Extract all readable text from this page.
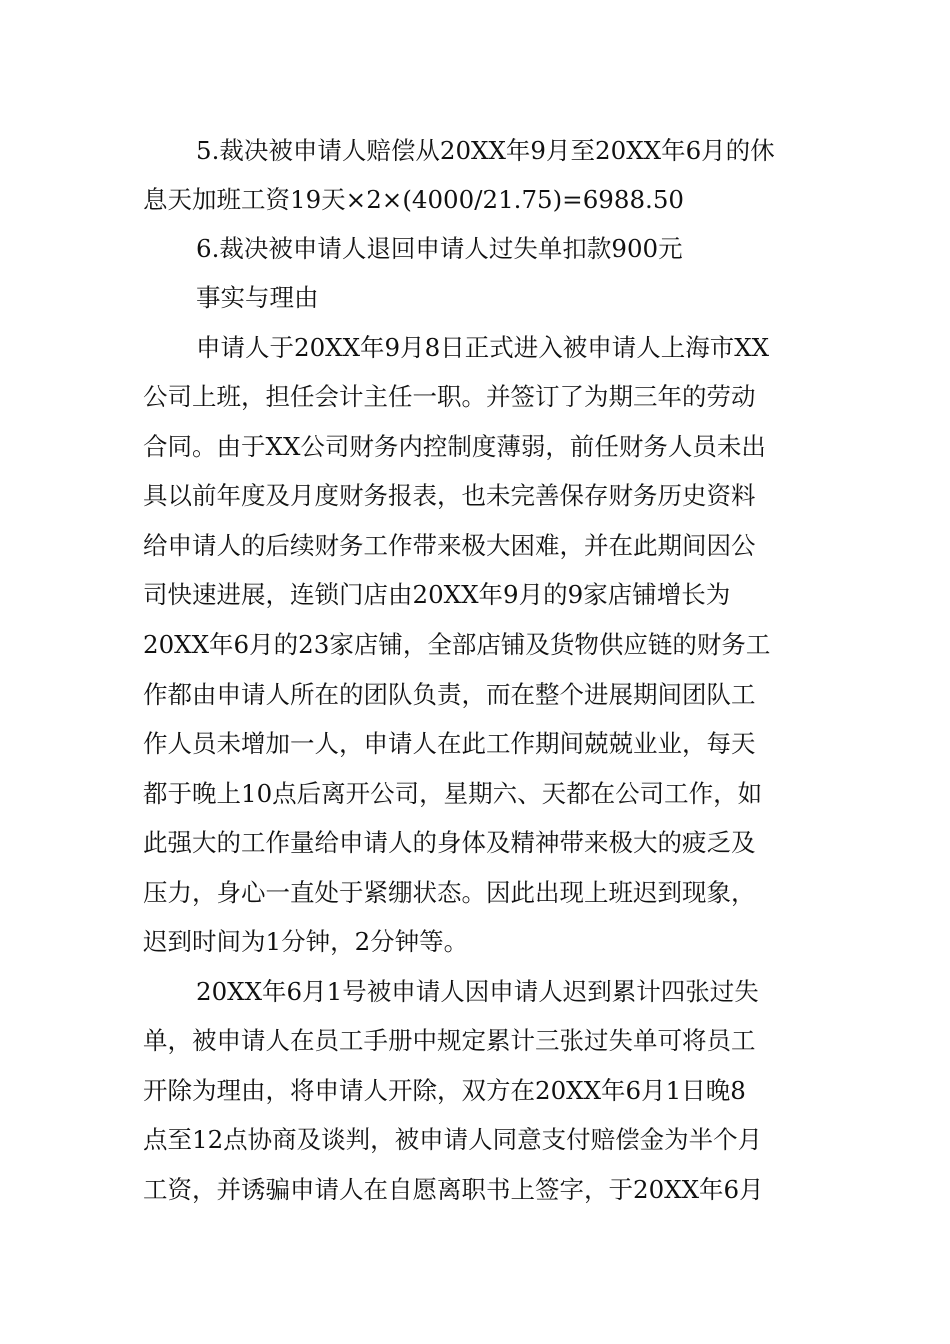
5.裁决被申请人赔偿从20XX年9月至20XX年6月的休
息天加班工资19天×2×(4000/21.75)=6988.50
6.裁决被申请人退回申请人过失单扣款900元
事实与理由
申请人于20XX年9月8日正式进入被申请人上海市XX
公司上班，担任会计主任一职。并签订了为期三年的劳动
合同。由于XX公司财务内控制度薄弱，前任财务人员未出
具以前年度及月度财务报表，也未完善保存财务历史资料
给申请人的后续财务工作带来极大困难，并在此期间因公
司快速进展，连锁门店由20XX年9月的9家店铺增长为
20XX年6月的23家店铺，全部店铺及货物供应链的财务工
作都由申请人所在的团队负责，而在整个进展期间团队工
作人员未增加一人，申请人在此工作期间兢兢业业，每天
都于晚上10点后离开公司，星期六、天都在公司工作，如
此强大的工作量给申请人的身体及精神带来极大的疲乏及
压力，身心一直处于紧绷状态。因此出现上班迟到现象，
迟到时间为1分钟，2分钟等。
20XX年6月1号被申请人因申请人迟到累计四张过失
单，被申请人在员工手册中规定累计三张过失单可将员工
开除为理由，将申请人开除，双方在20XX年6月1日晚8
点至12点协商及谈判，被申请人同意支付赔偿金为半个月
工资，并诱骗申请人在自愿离职书上签字，于20XX年6月
